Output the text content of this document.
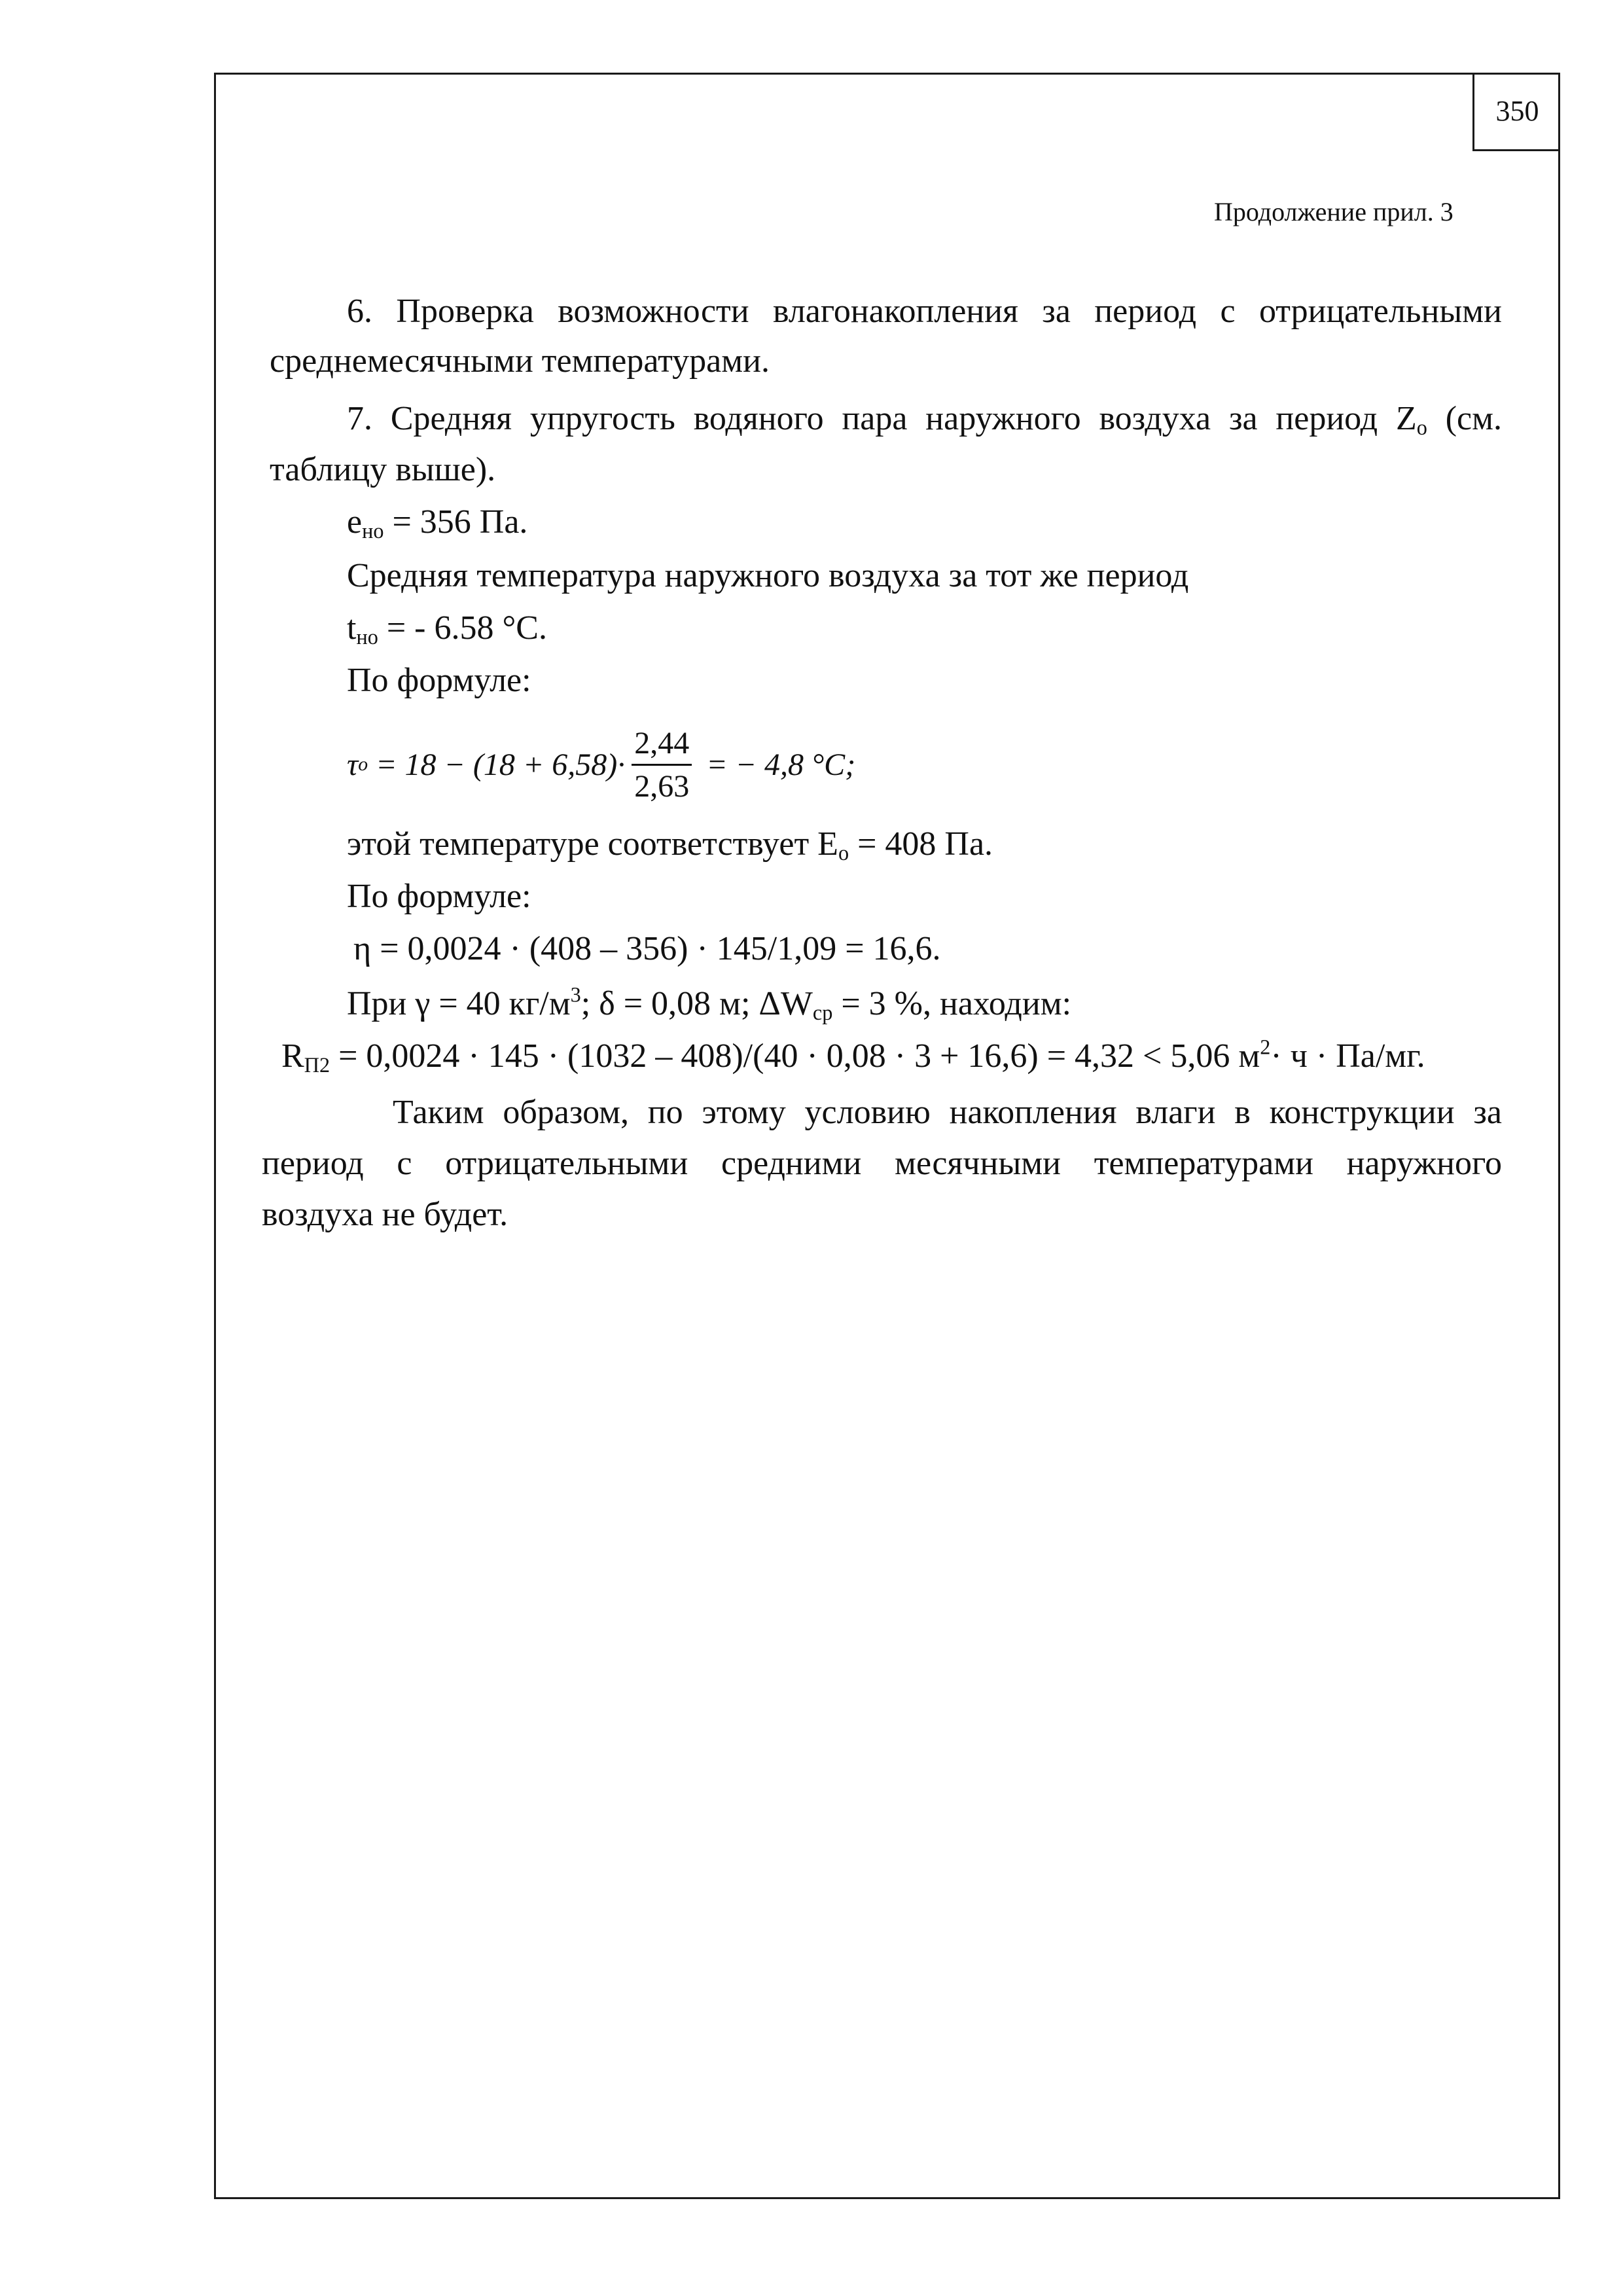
350
Продолжение прил. 3
6. Проверка возможности влагонакопления за период с отрицательными
среднемесячными температурами.
7. Средняя упругость водяного пара наружного воздуха за период $Z_о$ (см.
таблицу выше).
$e_{но} = 356$ Па.
Средняя температура наружного воздуха за тот же период
$t_{но}$ = - 6.58 °С.
По формуле:
τ $o = 18 - (18 + 6,58)\cdot \frac{2,44}{2,63}$ = − 4,8 °C;
этой температуре соответствует $Е_о = 408$ Па.
По формуле:
η = 0,0024 · (408 – 356) · 145/1,09 = 16,6.
При γ = 40 $кг/м^3$; δ = 0,08 м; $\Delta W_{ср} = 3$ %, находим:
$R_{П2} = 0,0024 \cdot 145 \cdot (1032 - 408)/(40 \cdot 0,08 \cdot 3 + 16,6) = 4,32 < 5,06$ $м^2\cdot ч \cdot Па/мг$.
Таким образом, по этому условию накопления влаги в конструкции за
период с отрицательными средними месячными температурами наружного
воздуха не будет.
